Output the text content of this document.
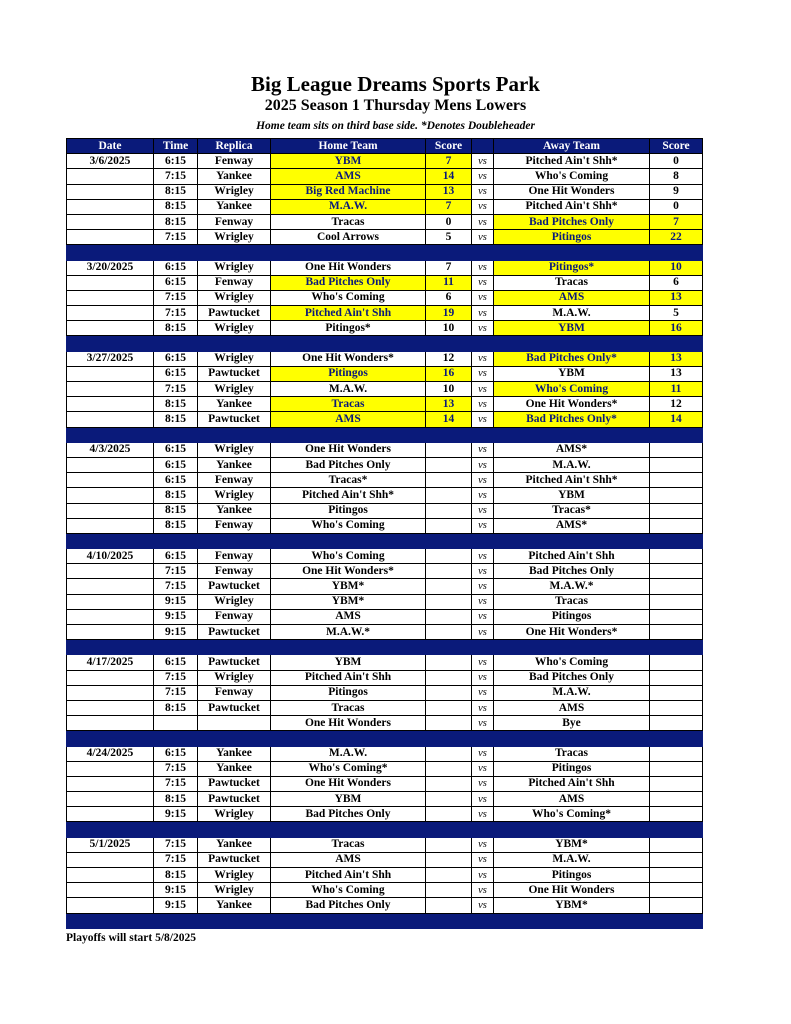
Big League Dreams Sports Park
2025 Season 1 Thursday Mens Lowers
Home team sits on third base side. *Denotes Doubleheader
Date	Time	Replica	Home Team	Score		Away Team	Score
3/6/2025	6:15	Fenway	YBM	7	vs	Pitched Ain't Shh*	0
	7:15	Yankee	AMS	14	vs	Who's Coming	8
	8:15	Wrigley	Big Red Machine	13	vs	One Hit Wonders	9
	8:15	Yankee	M.A.W.	7	vs	Pitched Ain't Shh*	0
	8:15	Fenway	Tracas	0	vs	Bad Pitches Only	7
	7:15	Wrigley	Cool Arrows	5	vs	Pitingos	22

3/20/2025	6:15	Wrigley	One Hit Wonders	7	vs	Pitingos*	10
	6:15	Fenway	Bad Pitches Only	11	vs	Tracas	6
	7:15	Wrigley	Who's Coming	6	vs	AMS	13
	7:15	Pawtucket	Pitched Ain't Shh	19	vs	M.A.W.	5
	8:15	Wrigley	Pitingos*	10	vs	YBM	16

3/27/2025	6:15	Wrigley	One Hit Wonders*	12	vs	Bad Pitches Only*	13
	6:15	Pawtucket	Pitingos	16	vs	YBM	13
	7:15	Wrigley	M.A.W.	10	vs	Who's Coming	11
	8:15	Yankee	Tracas	13	vs	One Hit Wonders*	12
	8:15	Pawtucket	AMS	14	vs	Bad Pitches Only*	14

4/3/2025	6:15	Wrigley	One Hit Wonders		vs	AMS*	
	6:15	Yankee	Bad Pitches Only		vs	M.A.W.	
	6:15	Fenway	Tracas*		vs	Pitched Ain't Shh*	
	8:15	Wrigley	Pitched Ain't Shh*		vs	YBM	
	8:15	Yankee	Pitingos		vs	Tracas*	
	8:15	Fenway	Who's Coming		vs	AMS*	

4/10/2025	6:15	Fenway	Who's Coming		vs	Pitched Ain't Shh	
	7:15	Fenway	One Hit Wonders*		vs	Bad Pitches Only	
	7:15	Pawtucket	YBM*		vs	M.A.W.*	
	9:15	Wrigley	YBM*		vs	Tracas	
	9:15	Fenway	AMS		vs	Pitingos	
	9:15	Pawtucket	M.A.W.*		vs	One Hit Wonders*	

4/17/2025	6:15	Pawtucket	YBM		vs	Who's Coming	
	7:15	Wrigley	Pitched Ain't Shh		vs	Bad Pitches Only	
	7:15	Fenway	Pitingos		vs	M.A.W.	
	8:15	Pawtucket	Tracas		vs	AMS	
			One Hit Wonders		vs	Bye	

4/24/2025	6:15	Yankee	M.A.W.		vs	Tracas	
	7:15	Yankee	Who's Coming*		vs	Pitingos	
	7:15	Pawtucket	One Hit Wonders		vs	Pitched Ain't Shh	
	8:15	Pawtucket	YBM		vs	AMS	
	9:15	Wrigley	Bad Pitches Only		vs	Who's Coming*	

5/1/2025	7:15	Yankee	Tracas		vs	YBM*	
	7:15	Pawtucket	AMS		vs	M.A.W.	
	8:15	Wrigley	Pitched Ain't Shh		vs	Pitingos	
	9:15	Wrigley	Who's Coming		vs	One Hit Wonders	
	9:15	Yankee	Bad Pitches Only		vs	YBM*	

Playoffs will start 5/8/2025
